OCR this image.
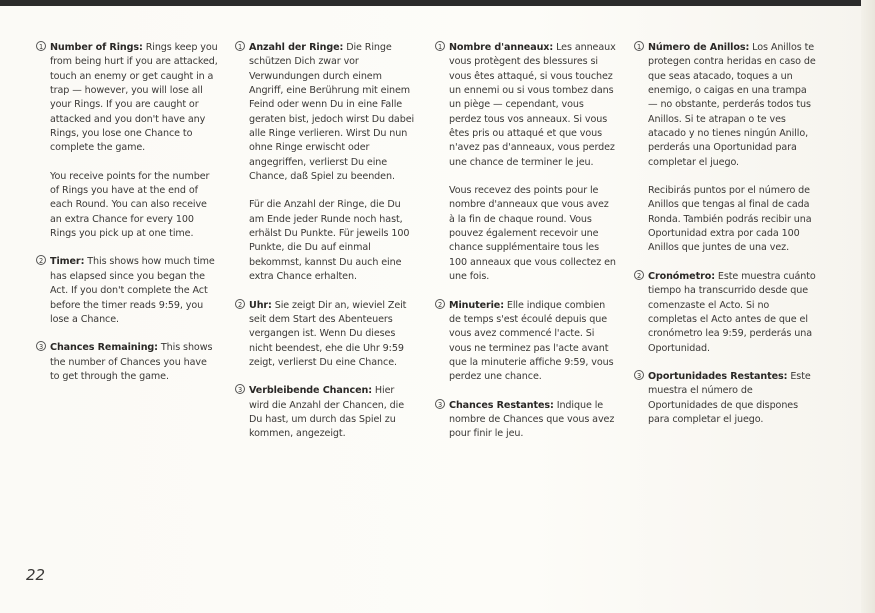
1 Number of Rings: Rings keep you from being hurt if you are attacked, touch an enemy or get caught in a trap — however, you will lose all your Rings. If you are caught or attacked and you don't have any Rings, you lose one Chance to complete the game.
You receive points for the number of Rings you have at the end of each Round. You can also receive an extra Chance for every 100 Rings you pick up at one time.
2 Timer: This shows how much time has elapsed since you began the Act. If you don't complete the Act before the timer reads 9:59, you lose a Chance.
3 Chances Remaining: This shows the number of Chances you have to get through the game.
1 Anzahl der Ringe: Die Ringe schützen Dich zwar vor Verwundungen durch einem Angriff, eine Berührung mit einem Feind oder wenn Du in eine Falle geraten bist, jedoch wirst Du dabei alle Ringe verlieren. Wirst Du nun ohne Ringe erwischt oder angegriffen, verlierst Du eine Chance, daß Spiel zu beenden.
Für die Anzahl der Ringe, die Du am Ende jeder Runde noch hast, erhälst Du Punkte. Für jeweils 100 Punkte, die Du auf einmal bekommst, kannst Du auch eine extra Chance erhalten.
2 Uhr: Sie zeigt Dir an, wieviel Zeit seit dem Start des Abenteuers vergangen ist. Wenn Du dieses nicht beendest, ehe die Uhr 9:59 zeigt, verlierst Du eine Chance.
3 Verbleibende Chancen: Hier wird die Anzahl der Chancen, die Du hast, um durch das Spiel zu kommen, angezeigt.
1 Nombre d'anneaux: Les anneaux vous protègent des blessures si vous êtes attaqué, si vous touchez un ennemi ou si vous tombez dans un piège — cependant, vous perdez tous vos anneaux. Si vous êtes pris ou attaqué et que vous n'avez pas d'anneaux, vous perdez une chance de terminer le jeu.
Vous recevez des points pour le nombre d'anneaux que vous avez à la fin de chaque round. Vous pouvez également recevoir une chance supplémentaire tous les 100 anneaux que vous collectez en une fois.
2 Minuterie: Elle indique combien de temps s'est écoulé depuis que vous avez commencé l'acte. Si vous ne terminez pas l'acte avant que la minuterie affiche 9:59, vous perdez une chance.
3 Chances Restantes: Indique le nombre de Chances que vous avez pour finir le jeu.
1 Número de Anillos: Los Anillos te protegen contra heridas en caso de que seas atacado, toques a un enemigo, o caigas en una trampa — no obstante, perderás todos tus Anillos. Si te atrapan o te ves atacado y no tienes ningún Anillo, perderás una Oportunidad para completar el juego.
Recibirás puntos por el número de Anillos que tengas al final de cada Ronda. También podrás recibir una Oportunidad extra por cada 100 Anillos que juntes de una vez.
2 Cronómetro: Este muestra cuánto tiempo ha transcurrido desde que comenzaste el Acto. Si no completas el Acto antes de que el cronómetro lea 9:59, perderás una Oportunidad.
3 Oportunidades Restantes: Este muestra el número de Oportunidades de que dispones para completar el juego.
22
